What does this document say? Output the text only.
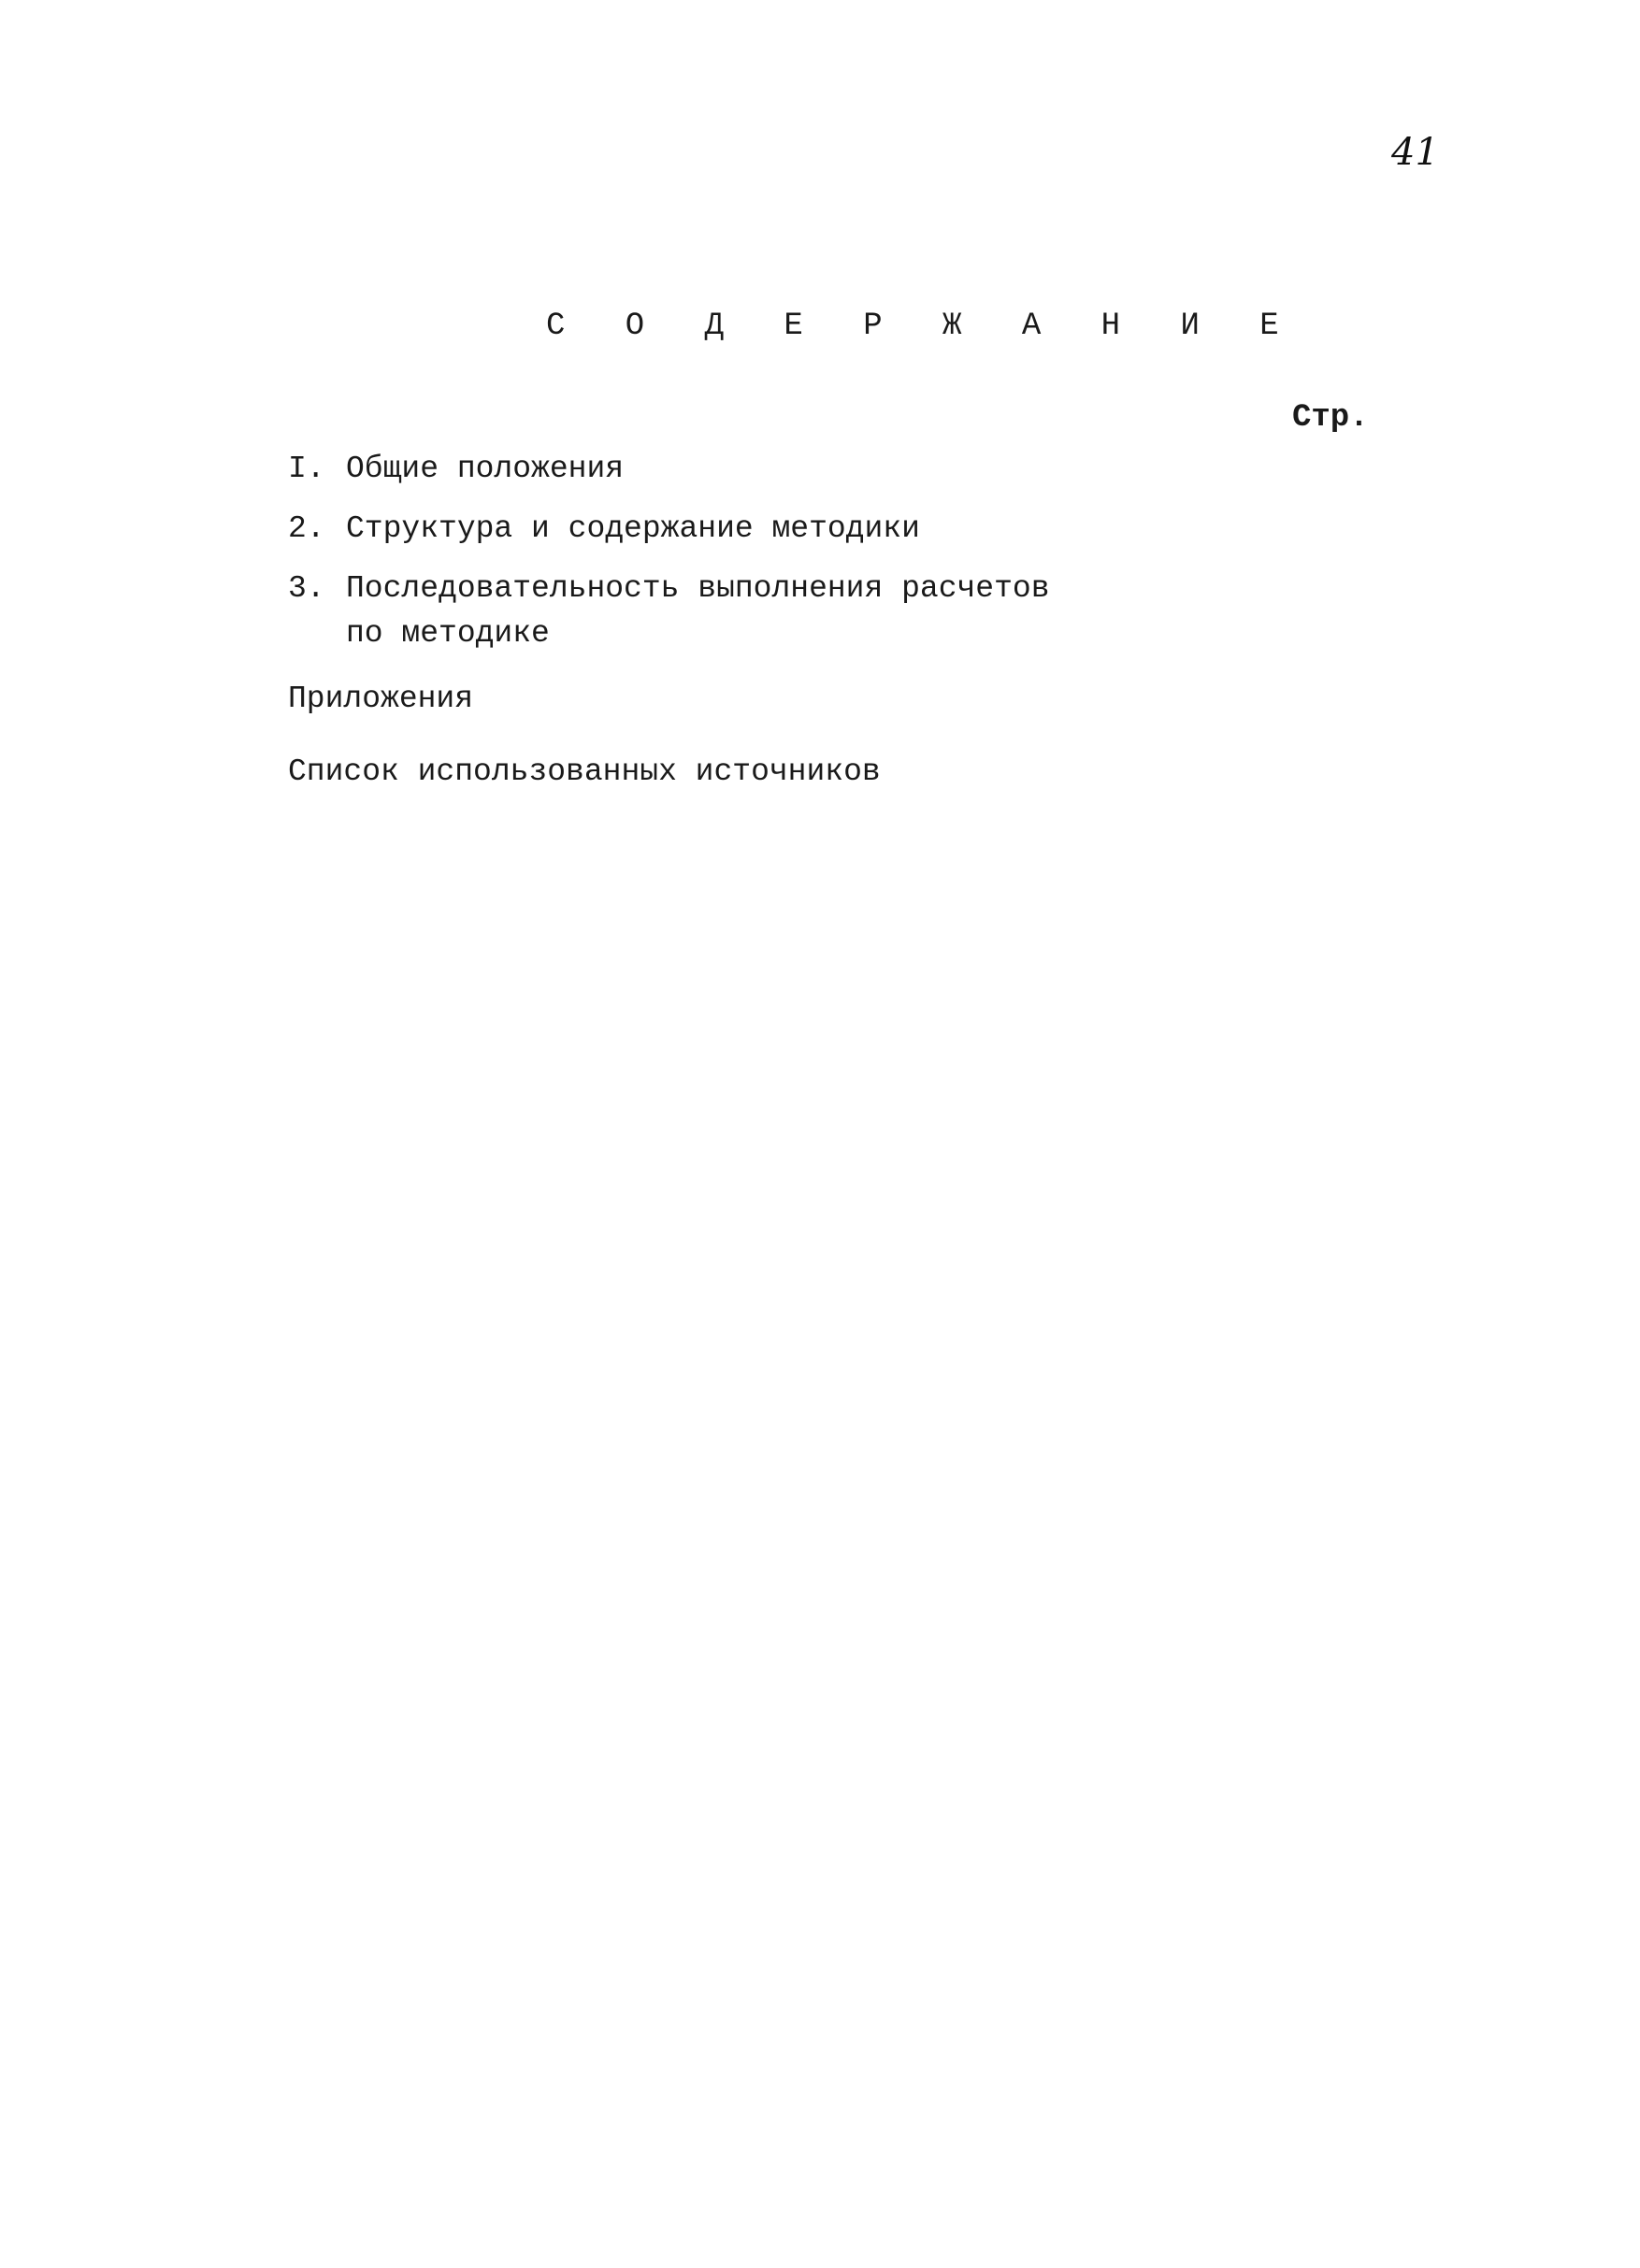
41
С О Д Е Р Ж А Н И Е
Стр.
I. Общие положения
2. Структура и содержание методики
3. Последовательность выполнения расчетов
по методике
Приложения
Список использованных источников
